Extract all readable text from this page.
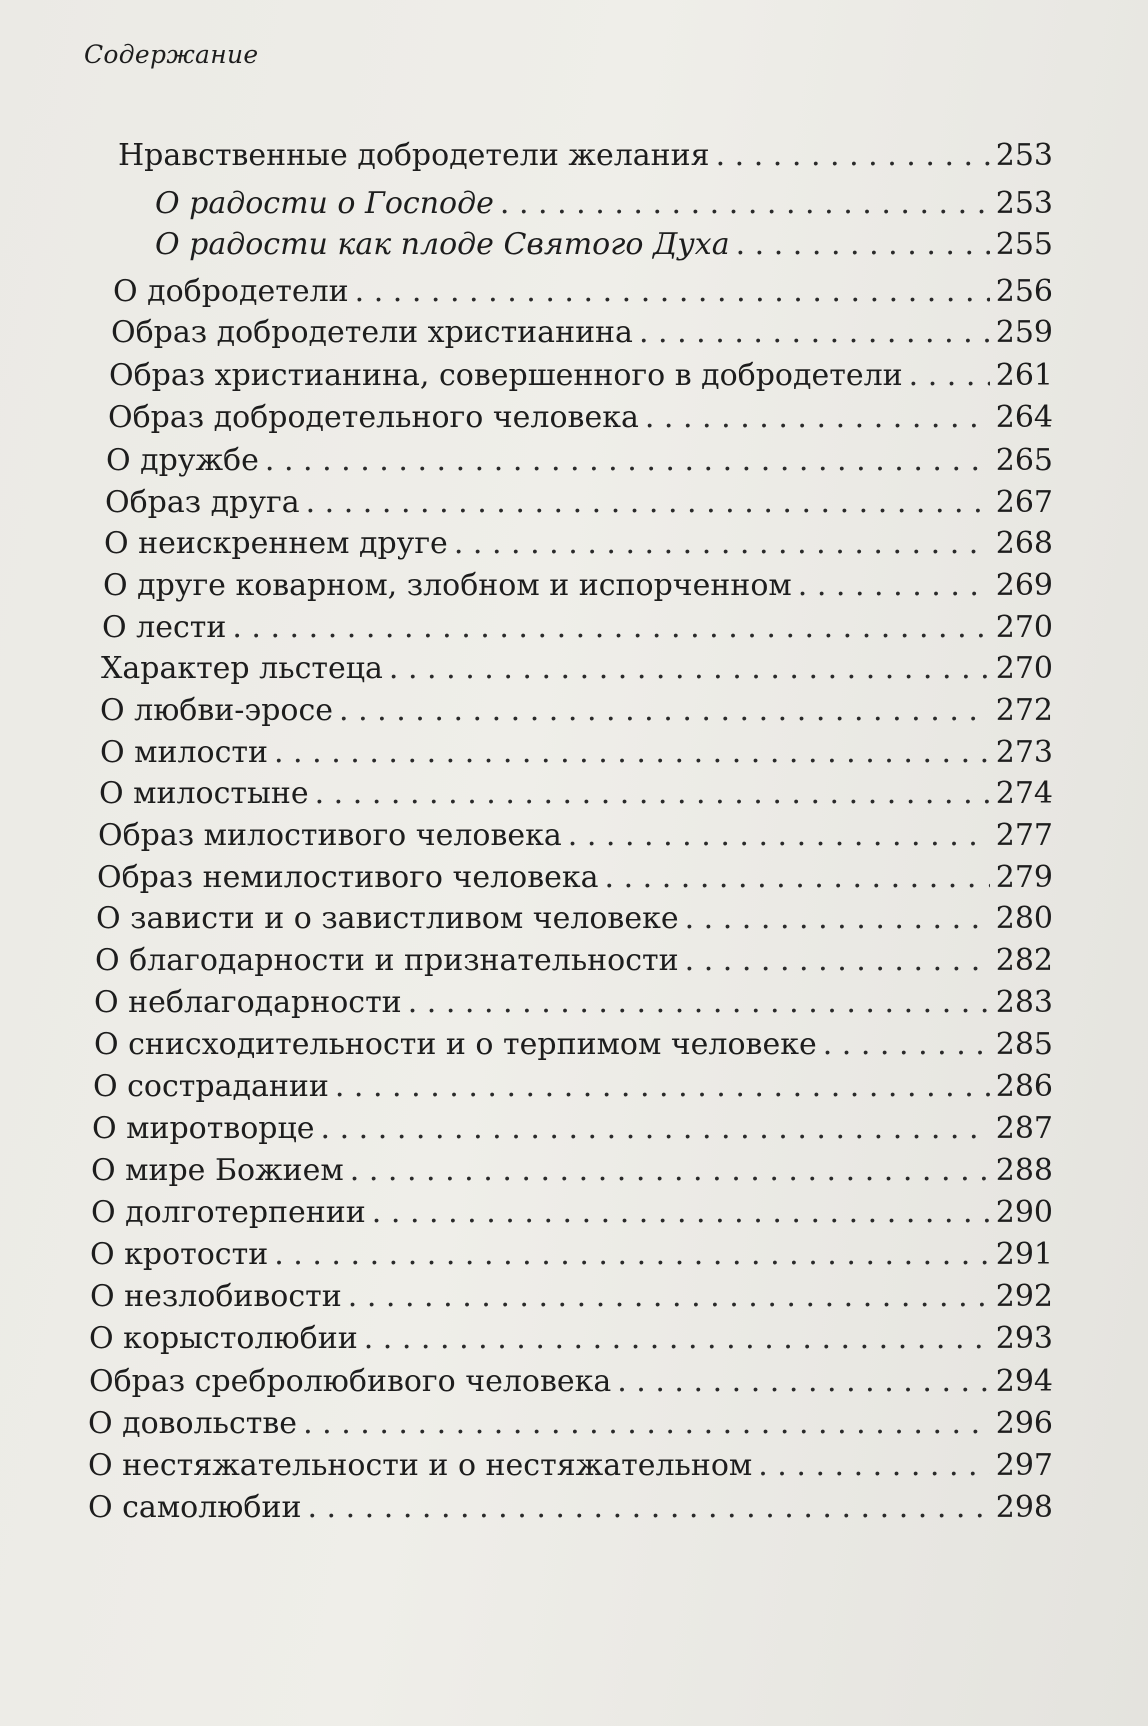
Содержание
Нравственные добродетели желания . . .	253
О радости о Господе . . .	253
О радости как плоде Святого Духа . . .	255
О добродетели . . .	256
Образ добродетели христианина . . .	259
Образ христианина, совершенного в добродетели . . .	261
Образ добродетельного человека . . .	264
О дружбе . . .	265
Образ друга . . .	267
О неискреннем друге . . .	268
О друге коварном, злобном и испорченном . . .	269
О лести . . .	270
Характер льстеца . . .	270
О любви-эросе . . .	272
О милости . . .	273
О милостыне . . .	274
Образ милостивого человека . . .	277
Образ немилостивого человека . . .	279
О зависти и о завистливом человеке . . .	280
О благодарности и признательности . . .	282
О неблагодарности . . .	283
О снисходительности и о терпимом человеке . . .	285
О сострадании . . .	286
О миротворце . . .	287
О мире Божием . . .	288
О долготерпении . . .	290
О кротости . . .	291
О незлобивости . . .	292
О корыстолюбии . . .	293
Образ сребролюбивого человека . . .	294
О довольстве . . .	296
О нестяжательности и о нестяжательном . . .	297
О самолюбии . . .	298
